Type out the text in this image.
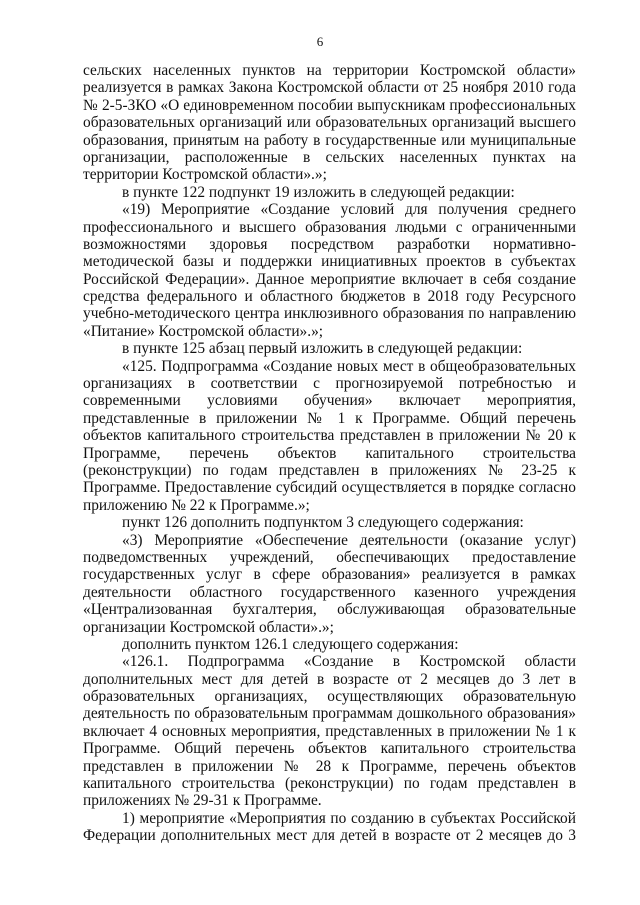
6
сельских населенных пунктов на территории Костромской области»
реализуется в рамках Закона Костромской области от 25 ноября 2010 года
№ 2-5-ЗКО «О единовременном пособии выпускникам профессиональных
образовательных организаций или образовательных организаций высшего
образования, принятым на работу в государственные или муниципальные
организации, расположенные в сельских населенных пунктах на
территории Костромской области».»;
в пункте 122 подпункт 19 изложить в следующей редакции:
«19) Мероприятие «Создание условий для получения среднего
профессионального и высшего образования людьми с ограниченными
возможностями здоровья посредством разработки нормативно-
методической базы и поддержки инициативных проектов в субъектах
Российской Федерации». Данное мероприятие включает в себя создание
средства федерального и областного бюджетов в 2018 году Ресурсного
учебно-методического центра инклюзивного образования по направлению
«Питание» Костромской области».»;
в пункте 125 абзац первый изложить в следующей редакции:
«125. Подпрограмма «Создание новых мест в общеобразовательных
организациях в соответствии с прогнозируемой потребностью и
современными условиями обучения» включает мероприятия,
представленные в приложении № 1 к Программе. Общий перечень
объектов капитального строительства представлен в приложении № 20 к
Программе, перечень объектов капитального строительства
(реконструкции) по годам представлен в приложениях № 23-25 к
Программе. Предоставление субсидий осуществляется в порядке согласно
приложению № 22 к Программе.»;
пункт 126 дополнить подпунктом 3 следующего содержания:
«3) Мероприятие «Обеспечение деятельности (оказание услуг)
подведомственных учреждений, обеспечивающих предоставление
государственных услуг в сфере образования» реализуется в рамках
деятельности областного государственного казенного учреждения
«Централизованная бухгалтерия, обслуживающая образовательные
организации Костромской области».»;
дополнить пунктом 126.1 следующего содержания:
«126.1. Подпрограмма «Создание в Костромской области
дополнительных мест для детей в возрасте от 2 месяцев до 3 лет в
образовательных организациях, осуществляющих образовательную
деятельность по образовательным программам дошкольного образования»
включает 4 основных мероприятия, представленных в приложении № 1 к
Программе. Общий перечень объектов капитального строительства
представлен в приложении № 28 к Программе, перечень объектов
капитального строительства (реконструкции) по годам представлен в
приложениях № 29-31 к Программе.
1) мероприятие «Мероприятия по созданию в субъектах Российской
Федерации дополнительных мест для детей в возрасте от 2 месяцев до 3
